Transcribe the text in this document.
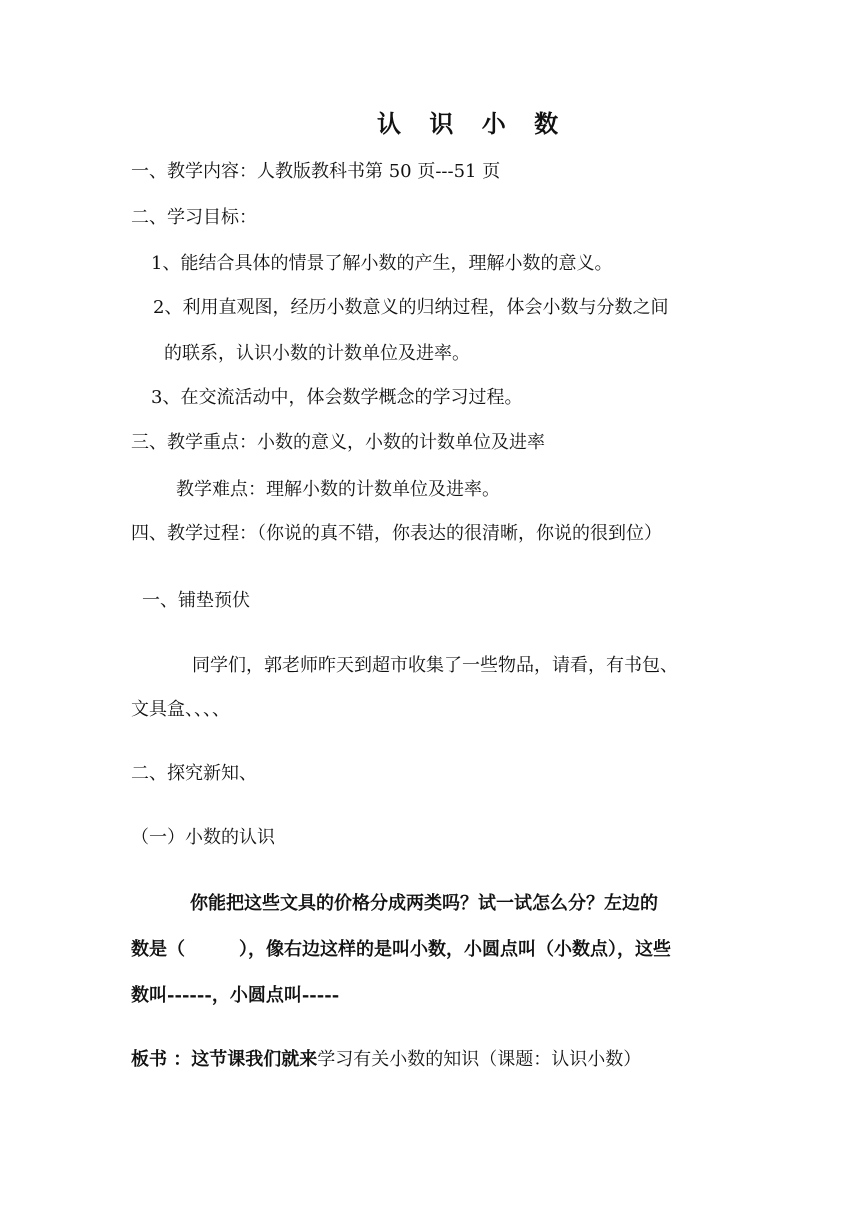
认 识 小 数
一、教学内容：人教版教科书第 50 页---51 页
二、学习目标：
1、能结合具体的情景了解小数的产生，理解小数的意义。
2、利用直观图，经历小数意义的归纳过程，体会小数与分数之间
的联系，认识小数的计数单位及进率。
3、在交流活动中，体会数学概念的学习过程。
三、教学重点：小数的意义，小数的计数单位及进率
教学难点：理解小数的计数单位及进率。
四、教学过程：（你说的真不错，你表达的很清晰，你说的很到位）
一、铺垫预伏
同学们，郭老师昨天到超市收集了一些物品，请看，有书包、
文具盒、、、、
二、探究新知、
（一）小数的认识
你能把这些文具的价格分成两类吗？试一试怎么分？左边的
数是（　　　），像右边这样的是叫小数，小圆点叫（小数点），这些
数叫------，小圆点叫-----
板书 ：这节课我们就来学习有关小数的知识（课题：认识小数）
